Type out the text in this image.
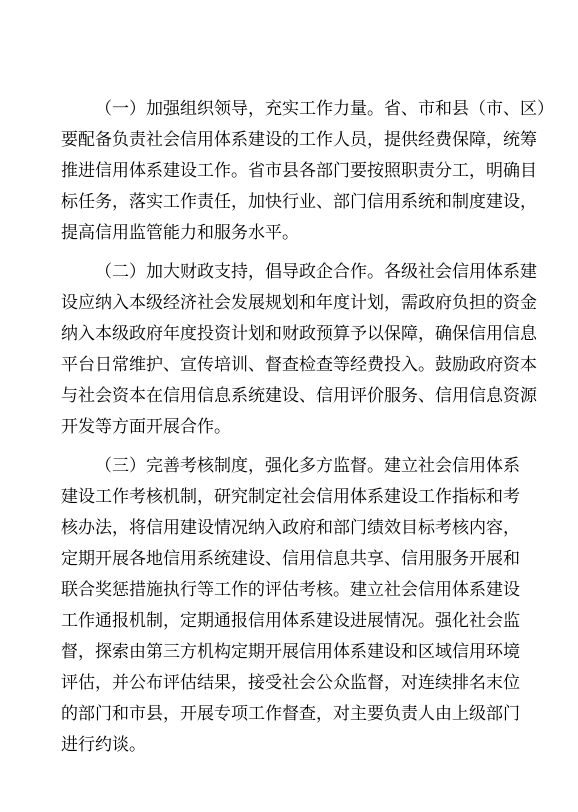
（ 一 ） 加 强 组 织 领 导 ， 充 实 工 作 力 量 。 省 、 市 和 县 （ 市 、 区 ）
要 配 备 负 责 社 会 信 用 体 系 建 设 的 工 作 人 员 ， 提 供 经 费 保 障 ， 统 筹
推 进 信 用 体 系 建 设 工 作 。 省 市 县 各 部 门 要 按 照 职 责 分 工 ， 明 确 目
标 任 务 ， 落 实 工 作 责 任 ， 加 快 行 业 、 部 门 信 用 系 统 和 制 度 建 设 ，
提高信用监管能力和服务水平。
（ 二 ） 加 大 财 政 支 持 ， 倡 导 政 企 合 作 。 各 级 社 会 信 用 体 系 建
设 应 纳 入 本 级 经 济 社 会 发 展 规 划 和 年 度 计 划 ， 需 政 府 负 担 的 资 金
纳 入 本 级 政 府 年 度 投 资 计 划 和 财 政 预 算 予 以 保 障 ， 确 保 信 用 信 息
平 台 日 常 维 护 、 宣 传 培 训 、 督 查 检 查 等 经 费 投 入 。 鼓 励 政 府 资 本
与 社 会 资 本 在 信 用 信 息 系 统 建 设 、 信 用 评 价 服 务 、 信 用 信 息 资 源
开发等方面开展合作。
（ 三 ） 完 善 考 核 制 度 ， 强 化 多 方 监 督 。 建 立 社 会 信 用 体 系
建 设 工 作 考 核 机 制 ， 研 究 制 定 社 会 信 用 体 系 建 设 工 作 指 标 和 考
核 办 法 ， 将 信 用 建 设 情 况 纳 入 政 府 和 部 门 绩 效 目 标 考 核 内 容 ，
定 期 开 展 各 地 信 用 系 统 建 设 、 信 用 信 息 共 享 、 信 用 服 务 开 展 和
联 合 奖 惩 措 施 执 行 等 工 作 的 评 估 考 核 。 建 立 社 会 信 用 体 系 建 设
工 作 通 报 机 制 ， 定 期 通 报 信 用 体 系 建 设 进 展 情 况 。 强 化 社 会 监
督 ， 探 索 由 第 三 方 机 构 定 期 开 展 信 用 体 系 建 设 和 区 域 信 用 环 境
评 估 ， 并 公 布 评 估 结 果 ， 接 受 社 会 公 众 监 督 ， 对 连 续 排 名 末 位
的 部 门 和 市 县 ， 开 展 专 项 工 作 督 查 ， 对 主 要 负 责 人 由 上 级 部 门
进行约谈。
